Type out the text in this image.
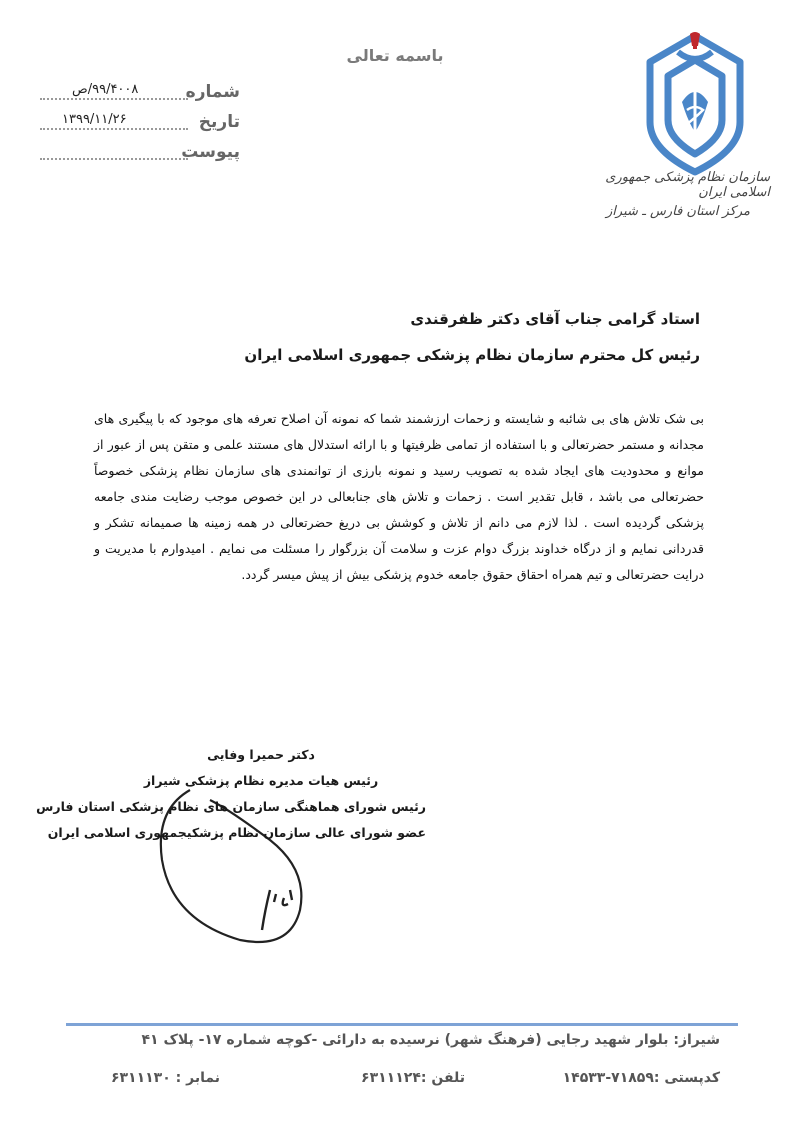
باسمه تعالی
شماره
۹۹/۴۰۰۸/ص
تاریخ
۱۳۹۹/۱۱/۲۶
پیوست
سازمان نظام پزشکی جمهوری اسلامی ایران
مرکز استان فارس ـ شیراز
استاد گرامی جناب آقای دکتر ظفرقندی
رئیس کل محترم سازمان نظام پزشکی جمهوری اسلامی ایران

بی شک تلاش های بی شائبه و شایسته و زحمات ارزشمند شما که نمونه آن اصلاح تعرفه های موجود که با پیگیری های مجدانه و مستمر حضرتعالی و با استفاده از تمامی ظرفیتها و با ارائه استدلال های مستند علمی و متقن پس از عبور از موانع و محدودیت های ایجاد شده به تصویب رسید و نمونه بارزی از توانمندی های سازمان نظام پزشکی خصوصاً حضرتعالی می باشد ، قابل تقدیر است . زحمات و تلاش های جنابعالی در این خصوص موجب رضایت مندی جامعه پزشکی گردیده است . لذا لازم می دانم از تلاش و کوشش بی دریغ حضرتعالی در همه زمینه ها صمیمانه تشکر و قدردانی نمایم و از درگاه خداوند بزرگ دوام عزت و سلامت آن بزرگوار را مسئلت می نمایم . امیدوارم با مدیریت و درایت حضرتعالی و تیم همراه احقاق حقوق جامعه خدوم پزشکی بیش از پیش میسر گردد.

دکتر حمیرا وفایی
رئیس هیات مدیره نظام پزشکی شیراز
رئیس شورای هماهنگی سازمان های نظام پزشکی استان فارس
عضو شورای عالی سازمان نظام پزشکیجمهوری اسلامی ایران
شیراز: بلوار شهید رجایی (فرهنگ شهر) نرسیده به دارائی -کوچه شماره ۱۷- پلاک ۴۱
کدپستی :۷۱۸۵۹-۱۴۵۳۳
تلفن :۶۳۱۱۱۲۴
نمابر : ۶۳۱۱۱۳۰
